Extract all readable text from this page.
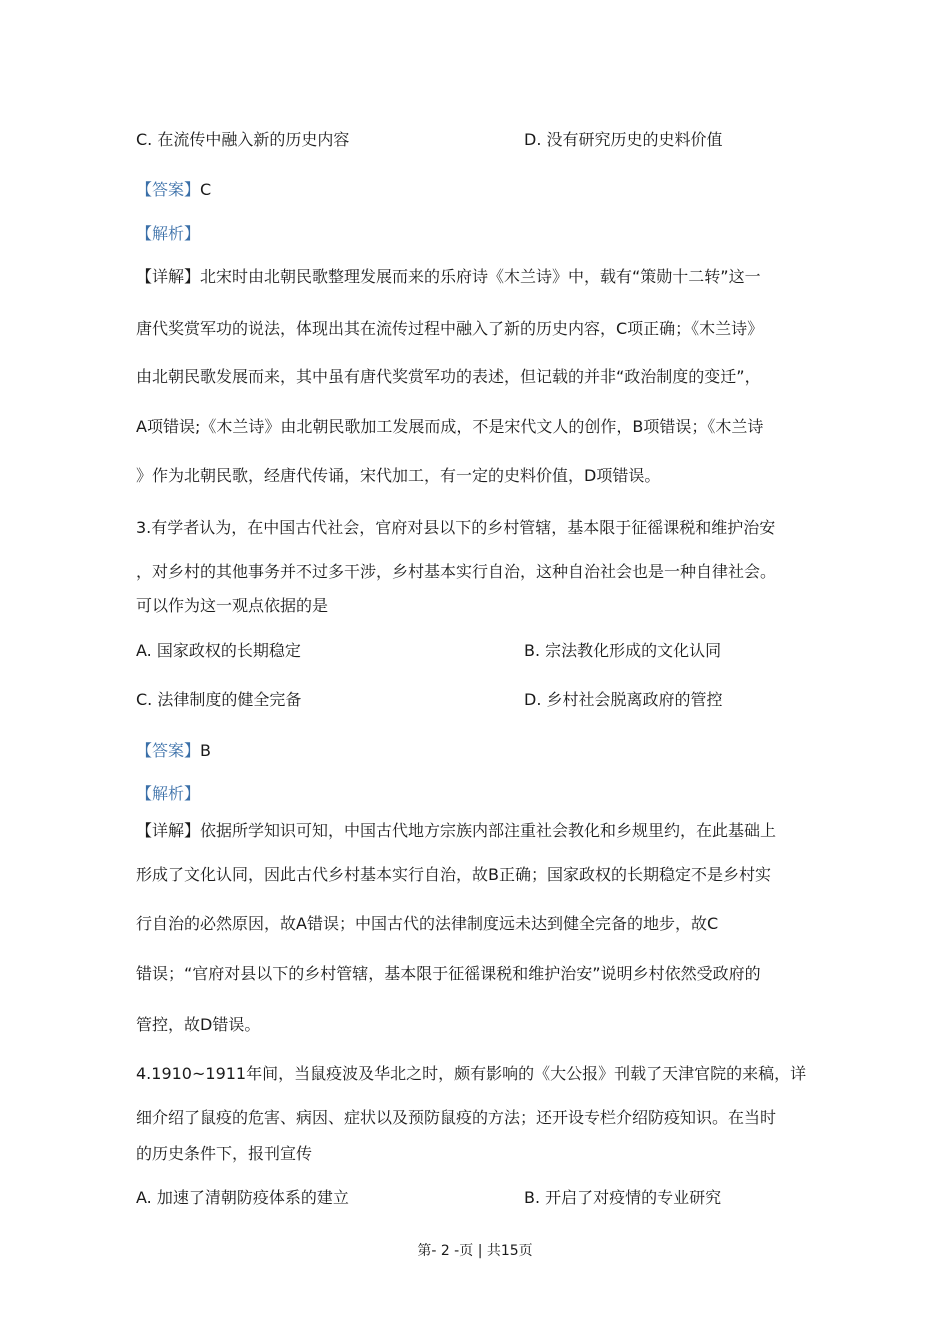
C. 在流传中融入新的历史内容	D. 没有研究历史的史料价值
【答案】C
【解析】
【详解】北宋时由北朝民歌整理发展而来的乐府诗《木兰诗》中，载有“策勋十二转”这一
唐代奖赏军功的说法，体现出其在流传过程中融入了新的历史内容，C项正确；《木兰诗》
由北朝民歌发展而来，其中虽有唐代奖赏军功的表述，但记载的并非“政治制度的变迁”，
A项错误;《木兰诗》由北朝民歌加工发展而成，不是宋代文人的创作，B项错误；《木兰诗
》作为北朝民歌，经唐代传诵，宋代加工，有一定的史料价值，D项错误。
3.有学者认为，在中国古代社会，官府对县以下的乡村管辖，基本限于征徭课税和维护治安
，对乡村的其他事务并不过多干涉，乡村基本实行自治，这种自治社会也是一种自律社会。
可以作为这一观点依据的是
A. 国家政权的长期稳定	B. 宗法教化形成的文化认同
C. 法律制度的健全完备	D. 乡村社会脱离政府的管控
【答案】B
【解析】
【详解】依据所学知识可知，中国古代地方宗族内部注重社会教化和乡规里约，在此基础上
形成了文化认同，因此古代乡村基本实行自治，故B正确；国家政权的长期稳定不是乡村实
行自治的必然原因，故A错误；中国古代的法律制度远未达到健全完备的地步，故C
错误；“官府对县以下的乡村管辖，基本限于征徭课税和维护治安”说明乡村依然受政府的
管控，故D错误。
4.1910~1911年间，当鼠疫波及华北之时，颇有影响的《大公报》刊载了天津官院的来稿，详
细介绍了鼠疫的危害、病因、症状以及预防鼠疫的方法；还开设专栏介绍防疫知识。在当时
的历史条件下，报刊宣传
A. 加速了清朝防疫体系的建立	B. 开启了对疫情的专业研究
第- 2 -页 | 共15页
